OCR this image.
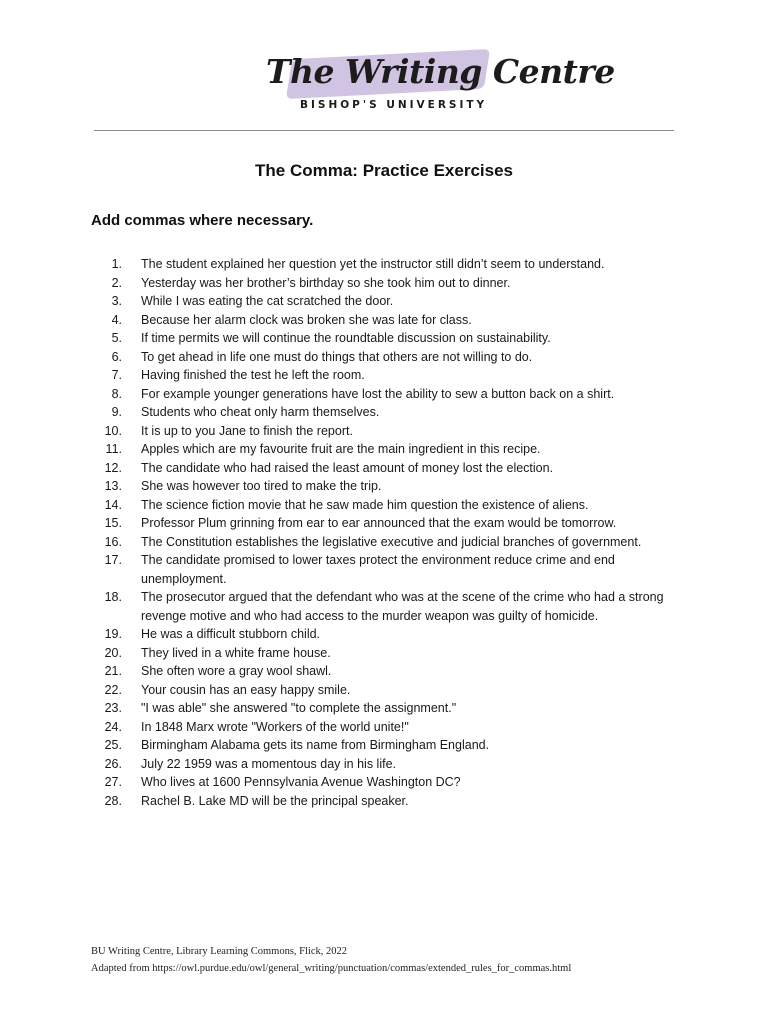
The Writing Centre
BISHOP'S UNIVERSITY
The Comma: Practice Exercises
Add commas where necessary.
1. The student explained her question yet the instructor still didn’t seem to understand.
2. Yesterday was her brother’s birthday so she took him out to dinner.
3. While I was eating the cat scratched the door.
4. Because her alarm clock was broken she was late for class.
5. If time permits we will continue the roundtable discussion on sustainability.
6. To get ahead in life one must do things that others are not willing to do.
7. Having finished the test he left the room.
8. For example younger generations have lost the ability to sew a button back on a shirt.
9. Students who cheat only harm themselves.
10. It is up to you Jane to finish the report.
11. Apples which are my favourite fruit are the main ingredient in this recipe.
12. The candidate who had raised the least amount of money lost the election.
13. She was however too tired to make the trip.
14. The science fiction movie that he saw made him question the existence of aliens.
15. Professor Plum grinning from ear to ear announced that the exam would be tomorrow.
16. The Constitution establishes the legislative executive and judicial branches of government.
17. The candidate promised to lower taxes protect the environment reduce crime and end unemployment.
18. The prosecutor argued that the defendant who was at the scene of the crime who had a strong revenge motive and who had access to the murder weapon was guilty of homicide.
19. He was a difficult stubborn child.
20. They lived in a white frame house.
21. She often wore a gray wool shawl.
22. Your cousin has an easy happy smile.
23. "I was able" she answered "to complete the assignment."
24. In 1848 Marx wrote "Workers of the world unite!"
25. Birmingham Alabama gets its name from Birmingham England.
26. July 22 1959 was a momentous day in his life.
27. Who lives at 1600 Pennsylvania Avenue Washington DC?
28. Rachel B. Lake MD will be the principal speaker.
BU Writing Centre, Library Learning Commons, Flick, 2022
Adapted from https://owl.purdue.edu/owl/general_writing/punctuation/commas/extended_rules_for_commas.html
